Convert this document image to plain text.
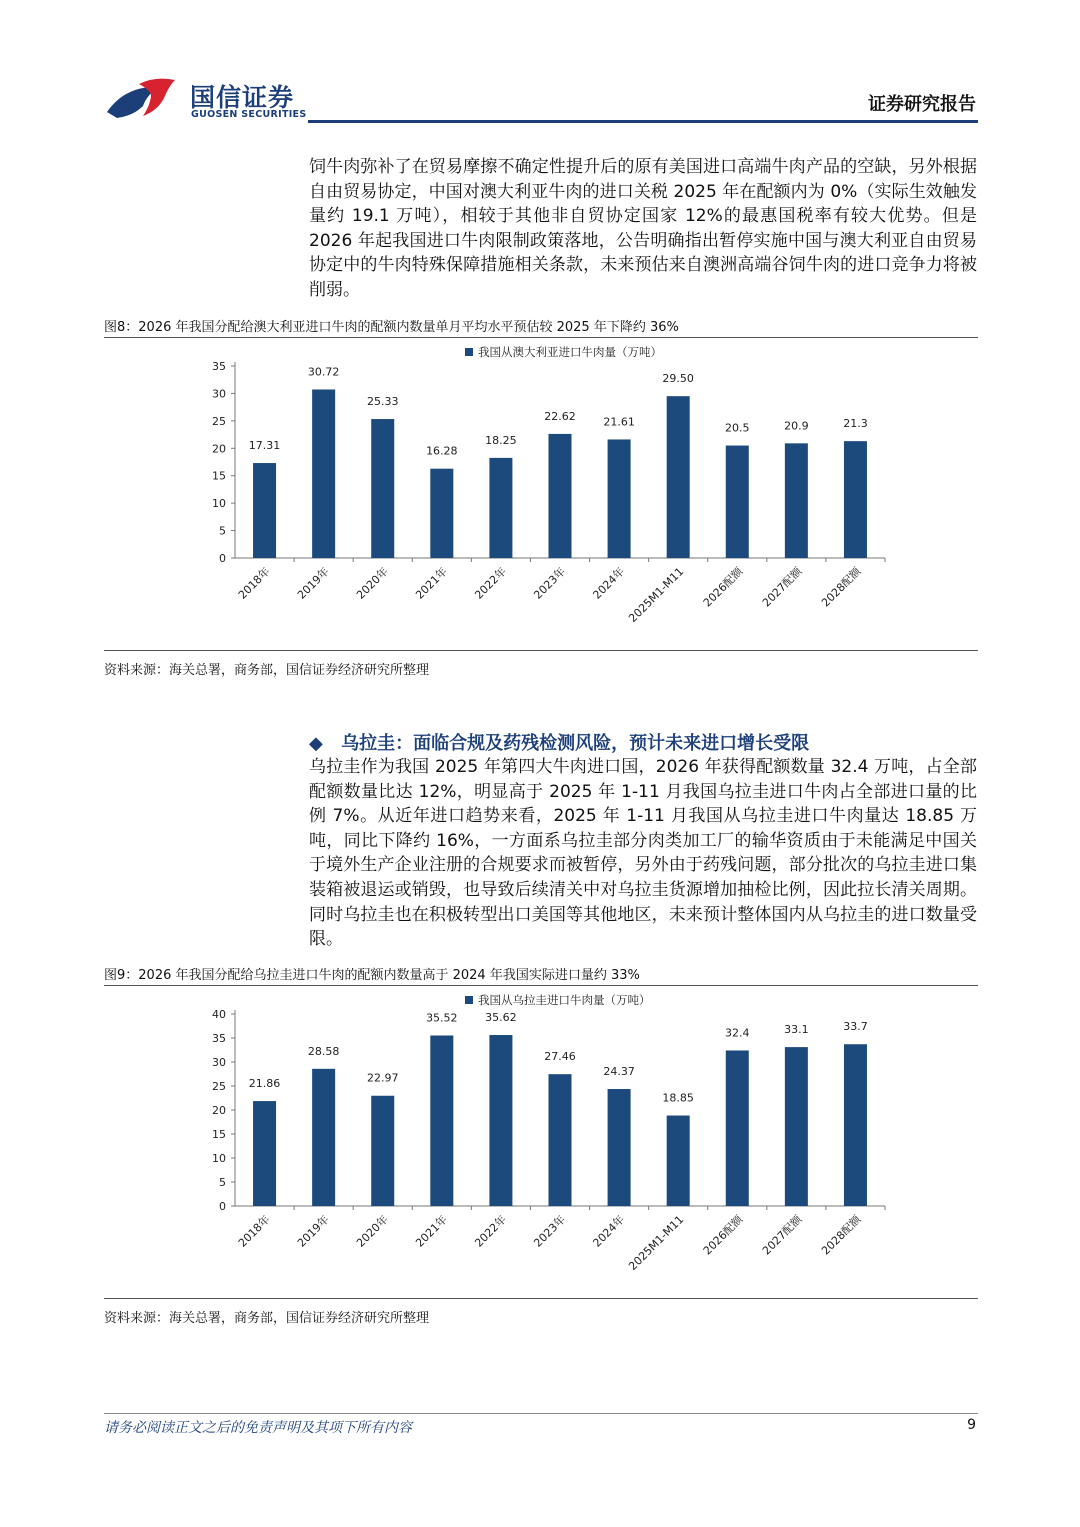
国信证券
GUOSEN SECURITIES	证券研究报告

饲牛肉弥补了在贸易摩擦不确定性提升后的原有美国进口高端牛肉产品的空缺，另外根据自由贸易协定，中国对澳大利亚牛肉的进口关税 2025 年在配额内为 0%（实际生效触发量约 19.1 万吨），相较于其他非自贸协定国家 12%的最惠国税率有较大优势。但是 2026 年起我国进口牛肉限制政策落地，公告明确指出暂停实施中国与澳大利亚自由贸易协定中的牛肉特殊保障措施相关条款，未来预估来自澳洲高端谷饲牛肉的进口竞争力将被削弱。

图8：2026 年我国分配给澳大利亚进口牛肉的配额内数量单月平均水平预估较 2025 年下降约 36%
我国从澳大利亚进口牛肉量（万吨）
0
5
10
15
20
25
30
35
17.31
2018年
30.72
2019年
25.33
2020年
16.28
2021年
18.25
2022年
22.62
2023年
21.61
2024年
29.50
2025M1-M11
20.5
2026配额
20.9
2027配额
21.3
2028配额
资料来源：海关总署，商务部，国信证券经济研究所整理
◆ 乌拉圭：面临合规及药残检测风险，预计未来进口增长受限

乌拉圭作为我国 2025 年第四大牛肉进口国，2026 年获得配额数量 32.4 万吨，占全部配额数量比达 12%，明显高于 2025 年 1-11 月我国乌拉圭进口牛肉占全部进口量的比例 7%。从近年进口趋势来看，2025 年 1-11 月我国从乌拉圭进口牛肉量达 18.85 万吨，同比下降约 16%，一方面系乌拉圭部分肉类加工厂的输华资质由于未能满足中国关于境外生产企业注册的合规要求而被暂停，另外由于药残问题，部分批次的乌拉圭进口集装箱被退运或销毁，也导致后续清关中对乌拉圭货源增加抽检比例，因此拉长清关周期。同时乌拉圭也在积极转型出口美国等其他地区，未来预计整体国内从乌拉圭的进口数量受限。

图9：2026 年我国分配给乌拉圭进口牛肉的配额内数量高于 2024 年我国实际进口量约 33%
我国从乌拉圭进口牛肉量（万吨）
0
5
10
15
20
25
30
35
40
21.86
2018年
28.58
2019年
22.97
2020年
35.52
2021年
35.62
2022年
27.46
2023年
24.37
2024年
18.85
2025M1-M11
32.4
2026配额
33.1
2027配额
33.7
2028配额
资料来源：海关总署，商务部，国信证券经济研究所整理
请务必阅读正文之后的免责声明及其项下所有内容	9
